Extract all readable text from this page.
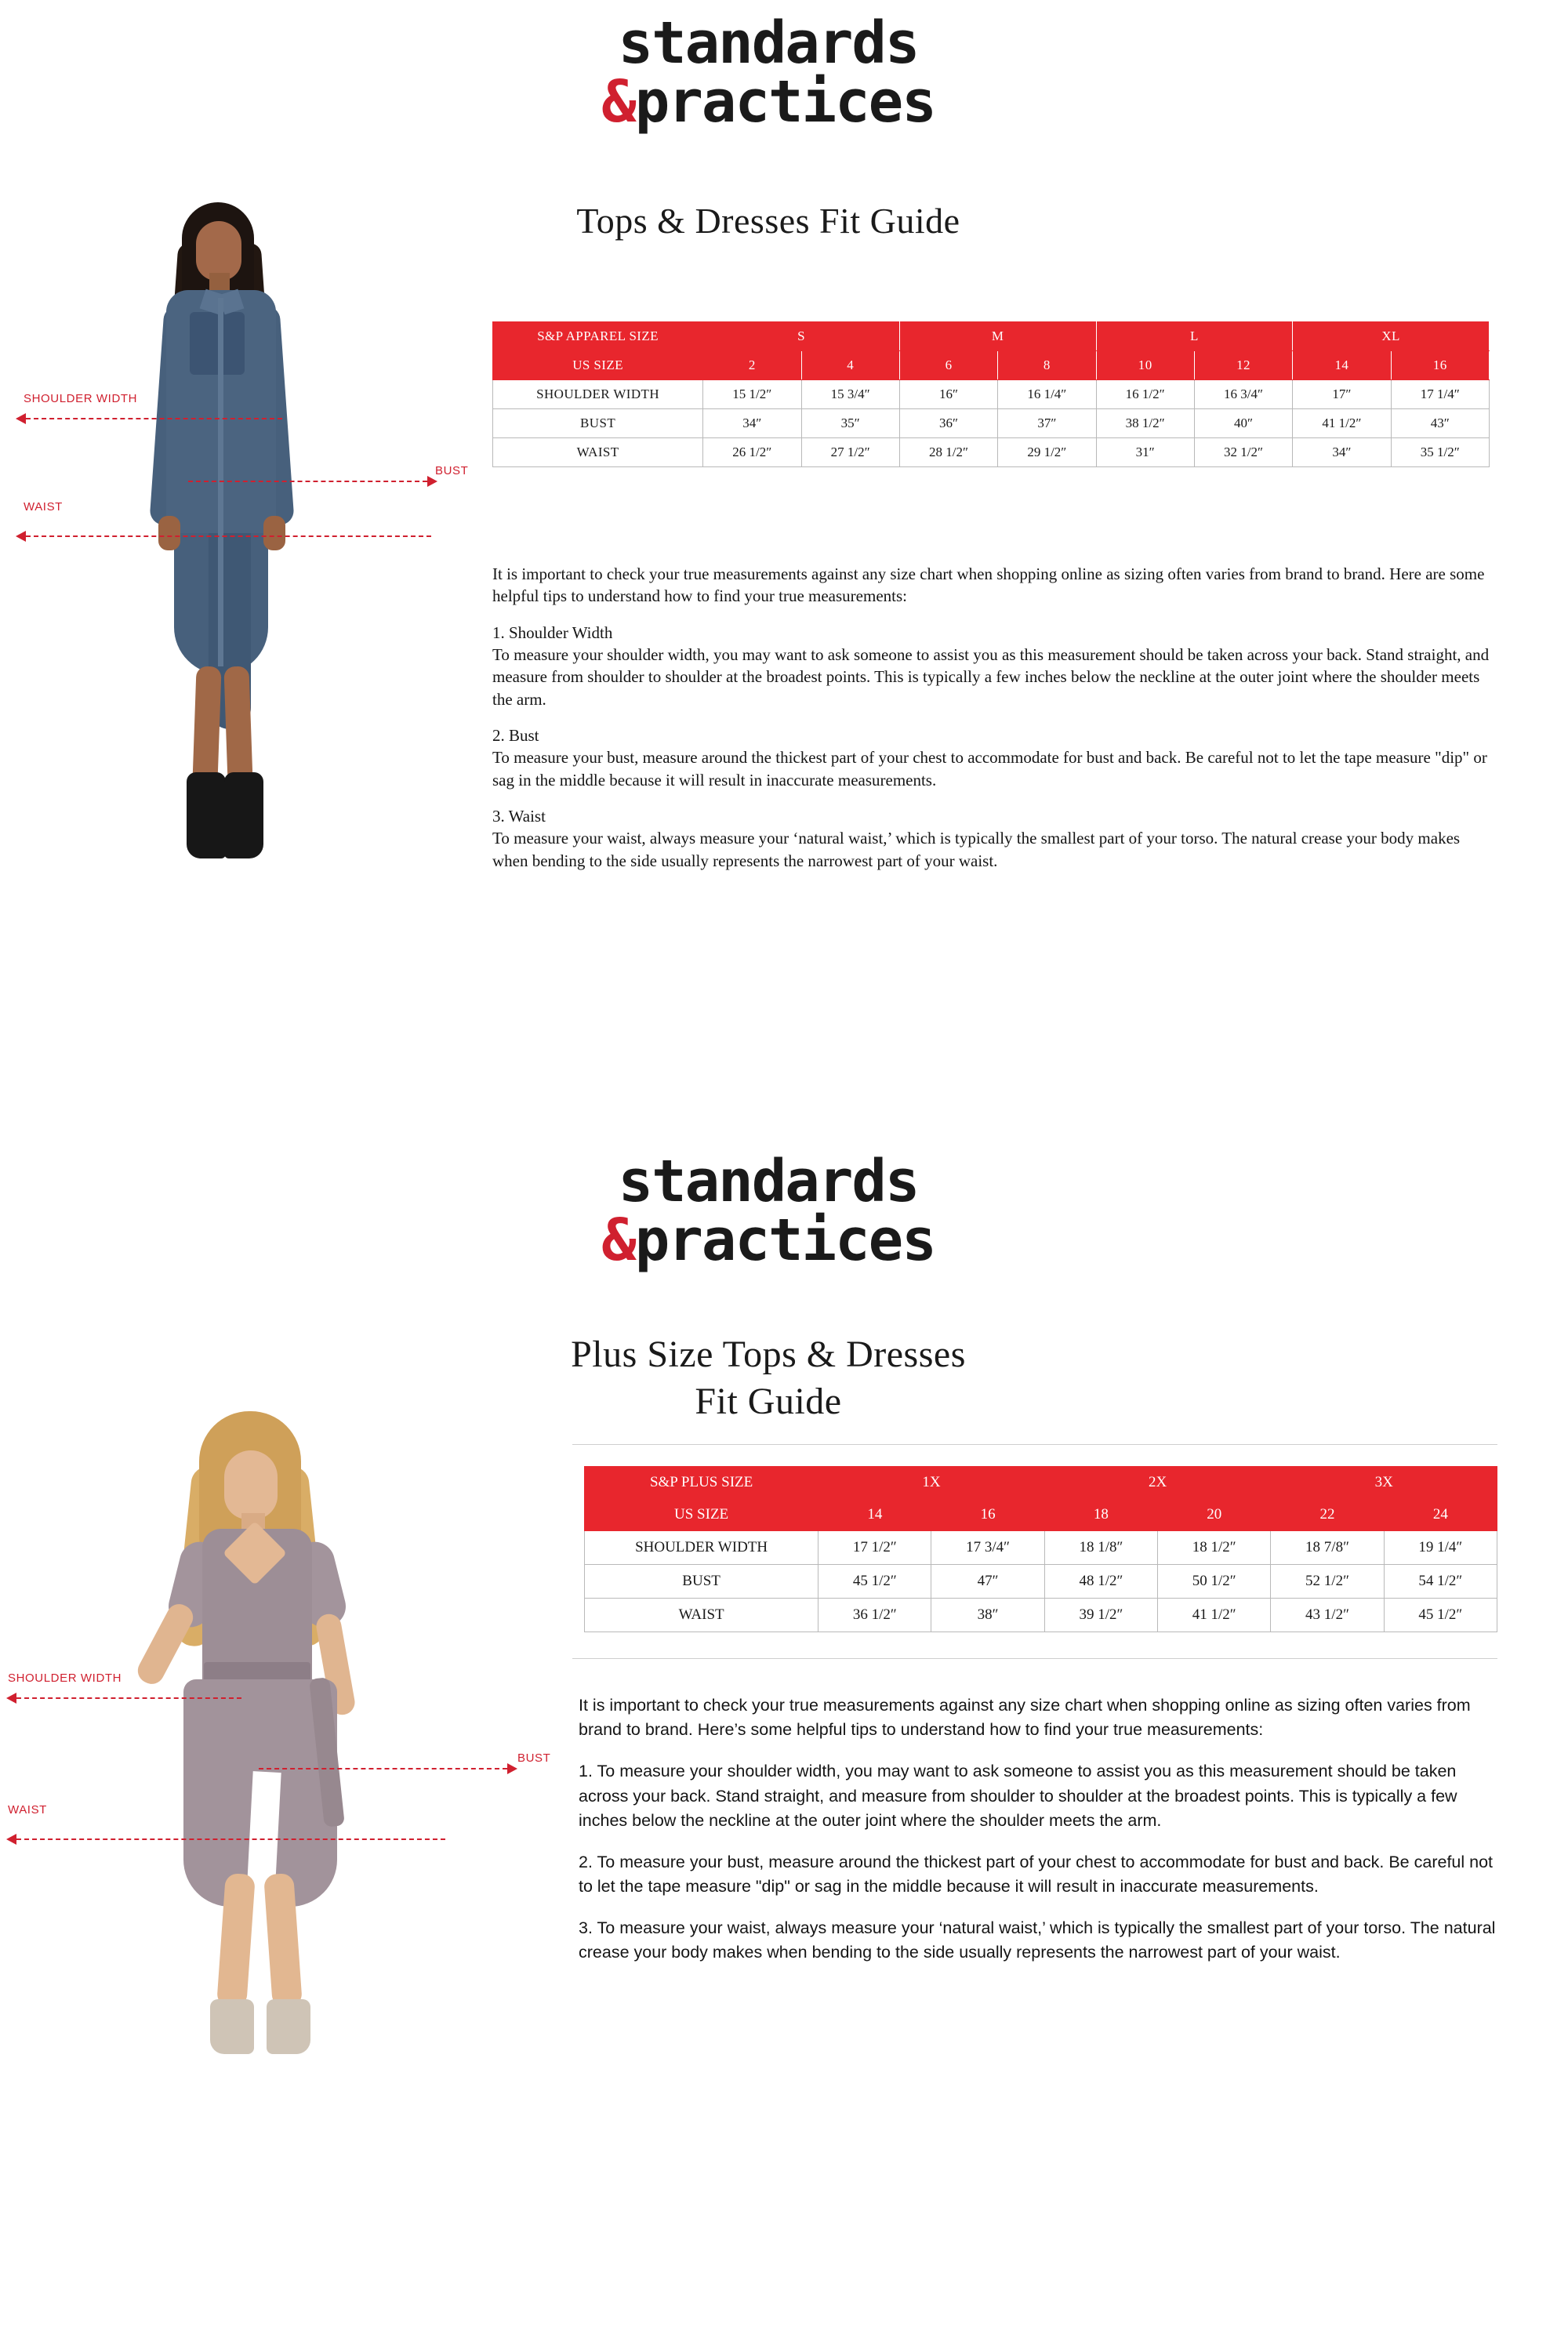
standards
&practices
Tops & Dresses Fit Guide
SHOULDER WIDTH
BUST
WAIST
S&P APPAREL SIZE	S		M		L		XL	
US SIZE	2	4	6	8	10	12	14	16
SHOULDER WIDTH	15 1/2″	15 3/4″	16″	16 1/4″	16 1/2″	16 3/4″	17″	17 1/4″
BUST	34″	35″	36″	37″	38 1/2″	40″	41 1/2″	43″
WAIST	26 1/2″	27 1/2″	28 1/2″	29 1/2″	31″	32 1/2″	34″	35 1/2″

It is important to check your true measurements against any size chart when shopping online as sizing often varies from brand to brand. Here are some helpful tips to understand how to find your true measurements:

1. Shoulder Width

To measure your shoulder width, you may want to ask someone to assist you as this measurement should be taken across your back. Stand straight, and measure from shoulder to shoulder at the broadest points. This is typically a few inches below the neckline at the outer joint where the shoulder meets the arm.

2. Bust

To measure your bust, measure around the thickest part of your chest to accommodate for bust and back. Be careful not to let the tape measure "dip" or sag in the middle because it will result in inaccurate measurements.

3. Waist

To measure your waist, always measure your ‘natural waist,’ which is typically the smallest part of your torso. The natural crease your body makes when bending to the side usually represents the narrowest part of your waist.

standards
&practices
Plus Size Tops & Dresses
Fit Guide
SHOULDER WIDTH
BUST
WAIST
S&P PLUS SIZE	1X		2X		3X	
US SIZE	14	16	18	20	22	24
SHOULDER WIDTH	17 1/2″	17 3/4″	18 1/8″	18 1/2″	18 7/8″	19 1/4″
BUST	45 1/2″	47″	48 1/2″	50 1/2″	52 1/2″	54 1/2″
WAIST	36 1/2″	38″	39 1/2″	41 1/2″	43 1/2″	45 1/2″

It is important to check your true measurements against any size chart when shopping online as sizing often varies from brand to brand. Here’s some helpful tips to understand how to find your true measurements:

1. To measure your shoulder width, you may want to ask someone to assist you as this measurement should be taken across your back. Stand straight, and measure from shoulder to shoulder at the broadest points. This is typically a few inches below the neckline at the outer joint where the shoulder meets the arm.

2. To measure your bust, measure around the thickest part of your chest to accommodate for bust and back. Be careful not to let the tape measure "dip" or sag in the middle because it will result in inaccurate measurements.

3. To measure your waist, always measure your ‘natural waist,’ which is typically the smallest part of your torso. The natural crease your body makes when bending to the side usually represents the narrowest part of your waist.
